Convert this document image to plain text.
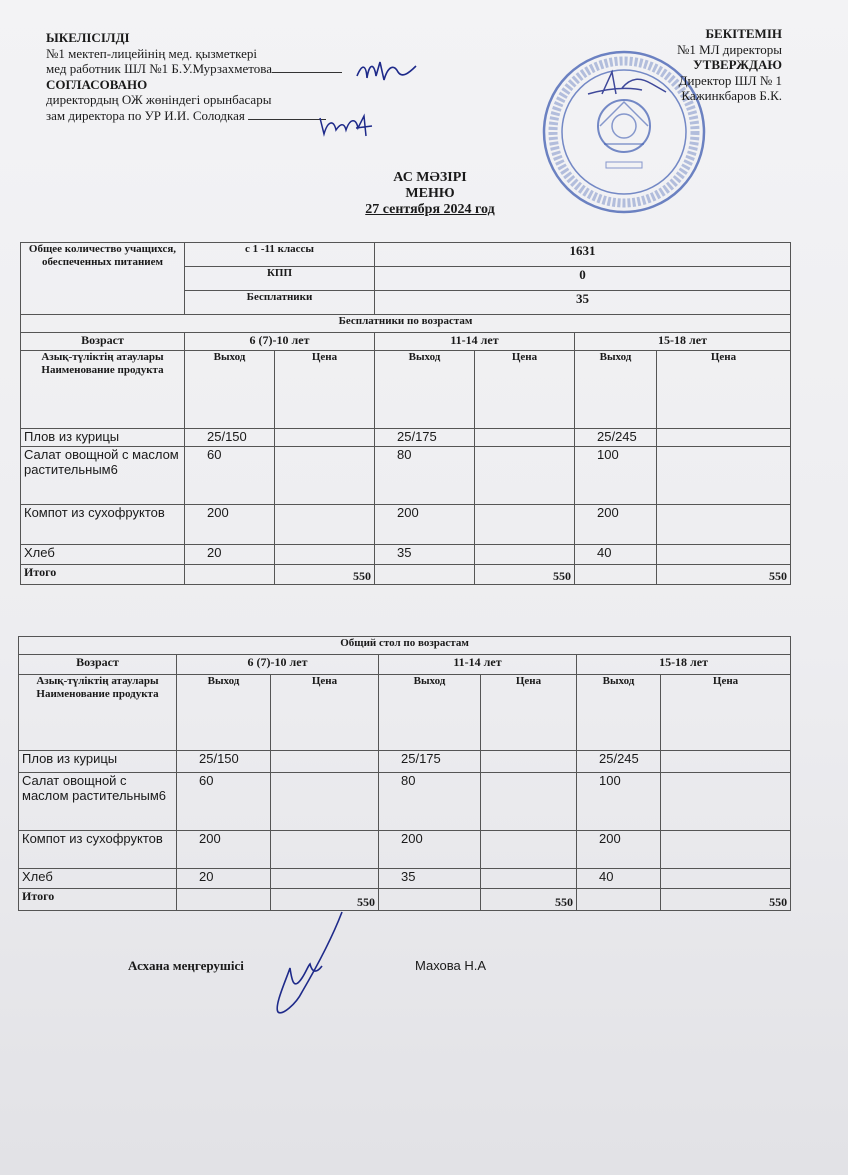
ЫКЕЛІСІЛДІ
№1 мектеп-лицейінің мед. қызметкері
мед работник ШЛ №1 Б.У.Мурзахметова
СОГЛАСОВАНО
директордың ОЖ жөніндегі орынбасары
зам директора по УР И.И. Солодкая
БЕКІТЕМІН
№1 МЛ директоры
УТВЕРЖДАЮ
Директор ШЛ № 1
Кажинкбаров Б.К.
АС МӘЗІРІ
МЕНЮ
27 сентября 2024 год
Общее количество учащихся, обеспеченных питанием	с 1 -11 классы		1631			
	КПП		0			
	Бесплатники		35			
Бесплатники по возрастам						
Возраст	6 (7)-10 лет		11-14 лет		15-18 лет	
Азық-түліктің атаулары Наименование продукта	Выход	Цена	Выход	Цена	Выход	Цена
Плов из курицы	25/150		25/175		25/245	
Салат овощной с маслом растительным6	60		80		100	
Компот из сухофруктов	200		200		200	
Хлеб	20		35		40	
Итого		550		550		550
Общий стол по возрастам						
Возраст	6 (7)-10 лет		11-14 лет		15-18 лет	
Азық-түліктің атаулары Наименование продукта	Выход	Цена	Выход	Цена	Выход	Цена
Плов из курицы	25/150		25/175		25/245	
Салат овощной с маслом растительным6	60		80		100	
Компот из сухофруктов	200		200		200	
Хлеб	20		35		40	
Итого		550		550		550
Асхана меңгерушісі	Махова Н.А
